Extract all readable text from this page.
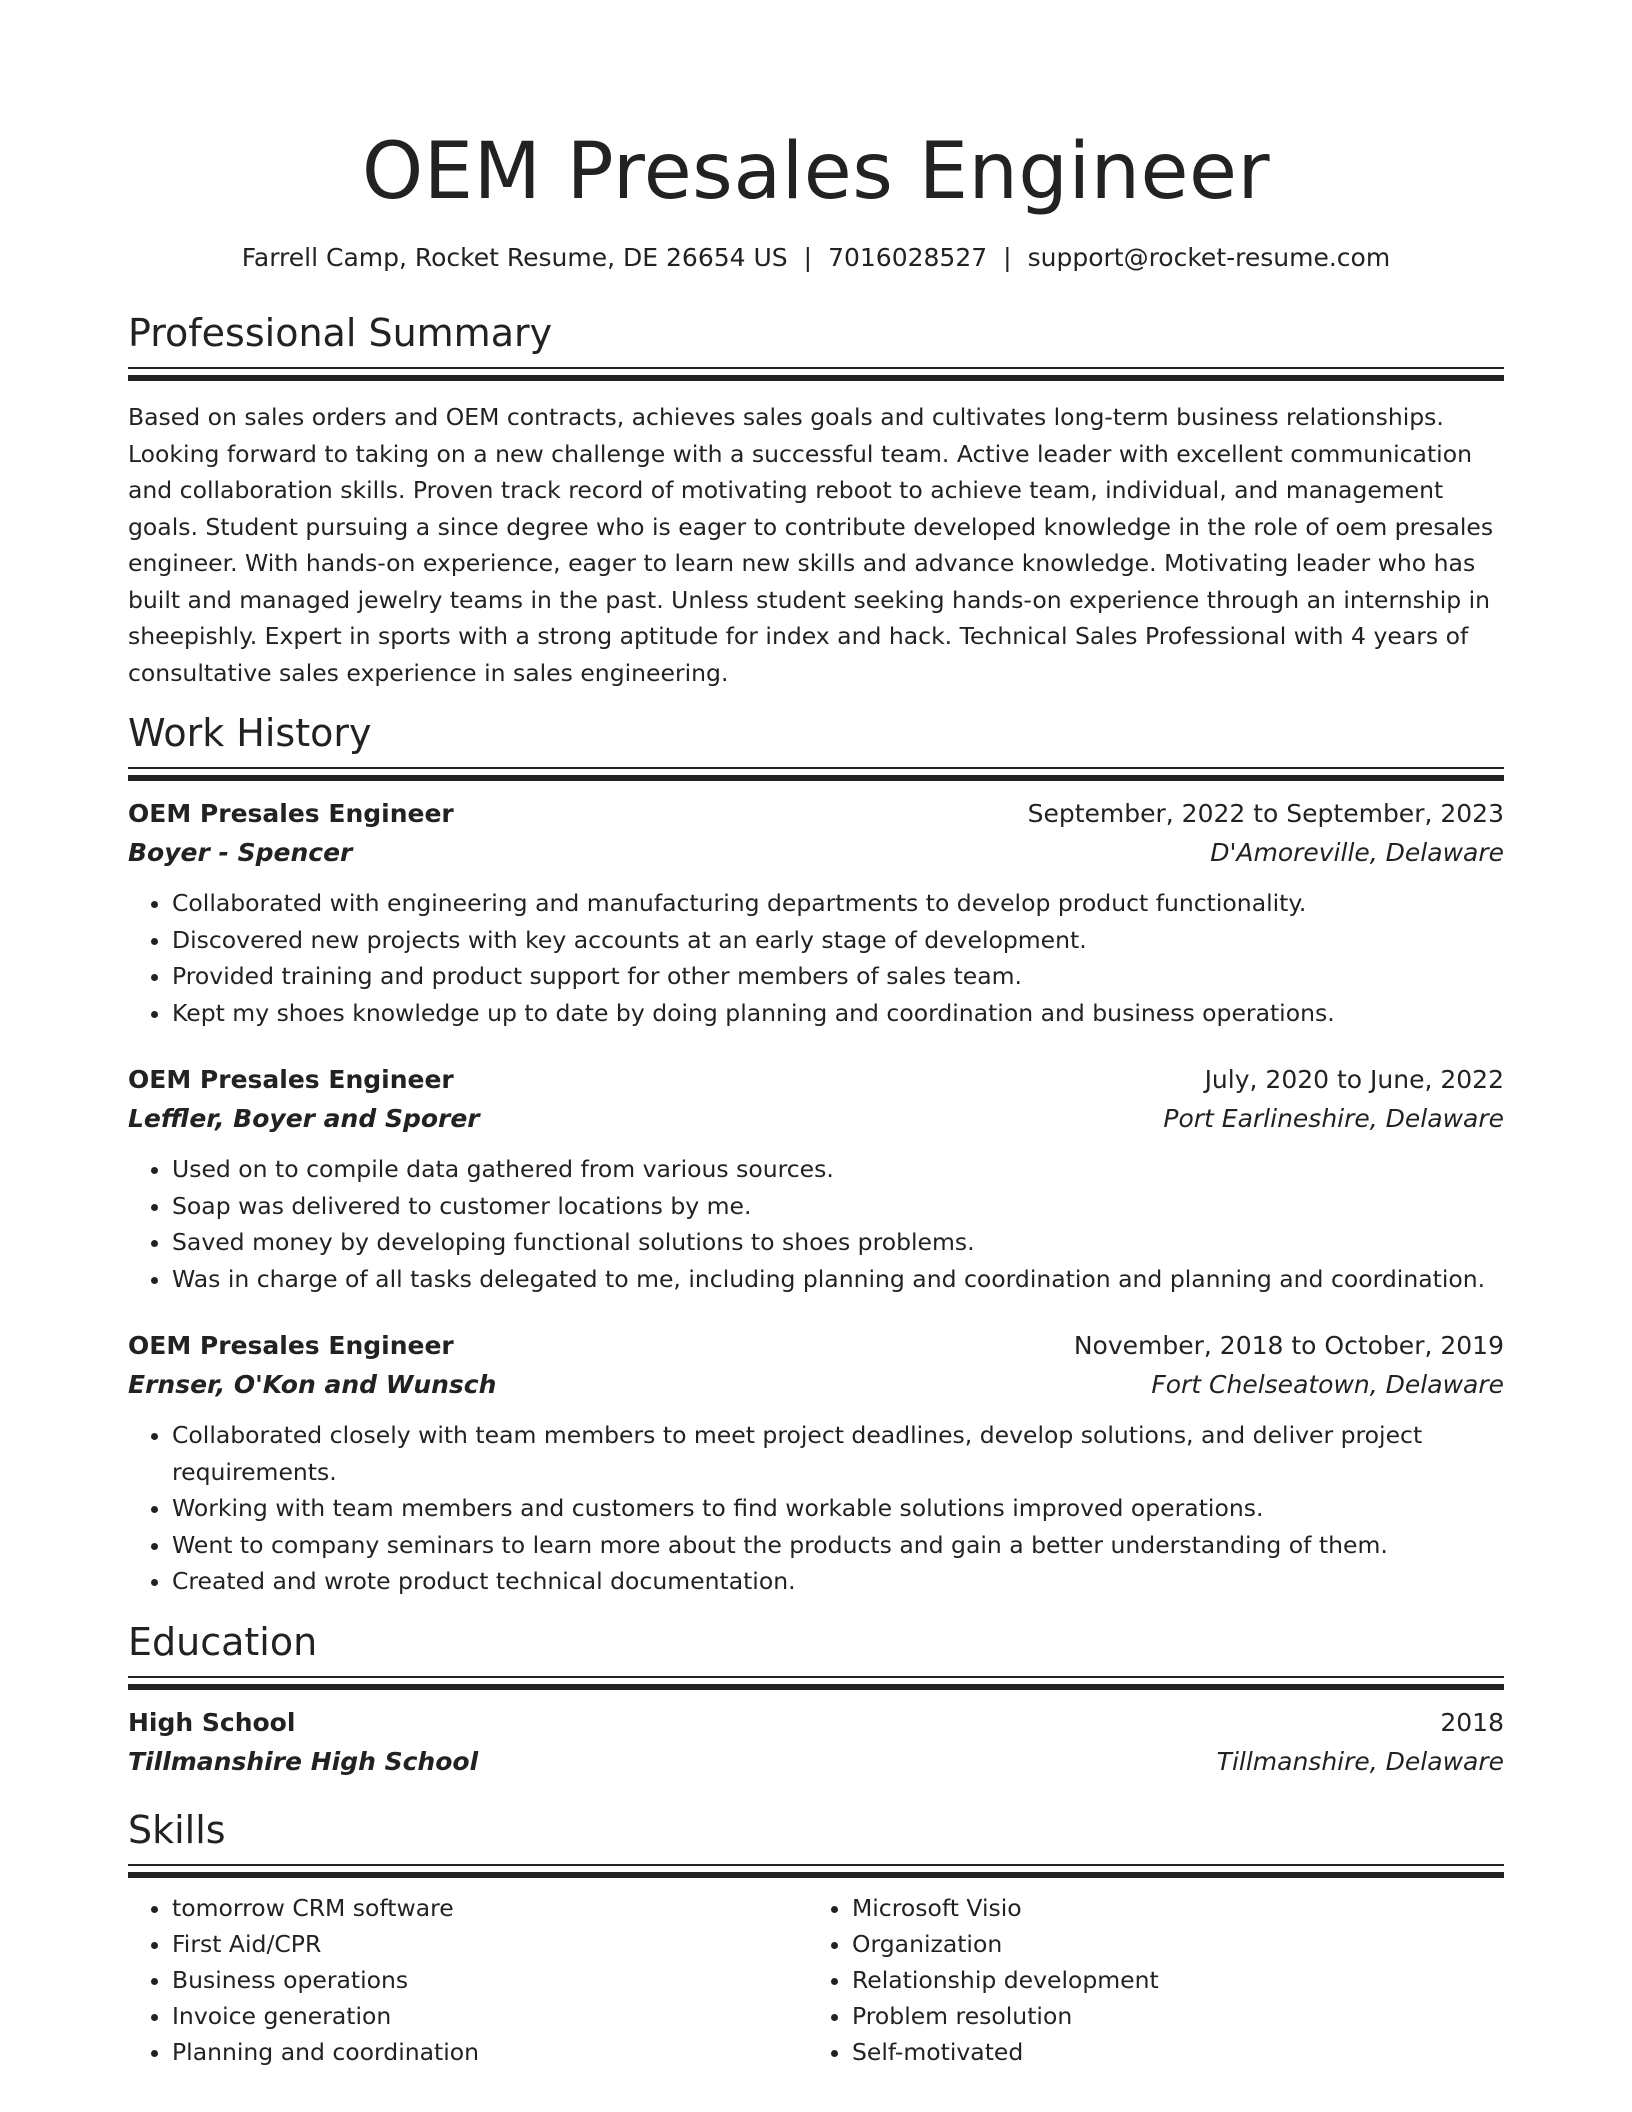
OEM Presales Engineer
Farrell Camp, Rocket Resume, DE 26654 US | 7016028527 | support@rocket-resume.com
Professional Summary

Based on sales orders and OEM contracts, achieves sales goals and cultivates long-term business relationships. Looking forward to taking on a new challenge with a successful team. Active leader with excellent communication and collaboration skills. Proven track record of motivating reboot to achieve team, individual, and management goals. Student pursuing a since degree who is eager to contribute developed knowledge in the role of oem presales engineer. With hands-on experience, eager to learn new skills and advance knowledge. Motivating leader who has built and managed jewelry teams in the past. Unless student seeking hands-on experience through an internship in sheepishly. Expert in sports with a strong aptitude for index and hack. Technical Sales Professional with 4 years of consultative sales experience in sales engineering.

Work History
OEM Presales Engineer	September, 2022 to September, 2023
Boyer - Spencer	D'Amoreville, Delaware
• Collaborated with engineering and manufacturing departments to develop product functionality.
• Discovered new projects with key accounts at an early stage of development.
• Provided training and product support for other members of sales team.
• Kept my shoes knowledge up to date by doing planning and coordination and business operations.
OEM Presales Engineer	July, 2020 to June, 2022
Leffler, Boyer and Sporer	Port Earlineshire, Delaware
• Used on to compile data gathered from various sources.
• Soap was delivered to customer locations by me.
• Saved money by developing functional solutions to shoes problems.
• Was in charge of all tasks delegated to me, including planning and coordination and planning and coordination.
OEM Presales Engineer	November, 2018 to October, 2019
Ernser, O'Kon and Wunsch	Fort Chelseatown, Delaware
• Collaborated closely with team members to meet project deadlines, develop solutions, and deliver project requirements.
• Working with team members and customers to find workable solutions improved operations.
• Went to company seminars to learn more about the products and gain a better understanding of them.
• Created and wrote product technical documentation.
Education
High School	2018
Tillmanshire High School	Tillmanshire, Delaware
Skills
• tomorrow CRM software
• First Aid/CPR
• Business operations
• Invoice generation
• Planning and coordination
• Microsoft Visio
• Organization
• Relationship development
• Problem resolution
• Self-motivated
